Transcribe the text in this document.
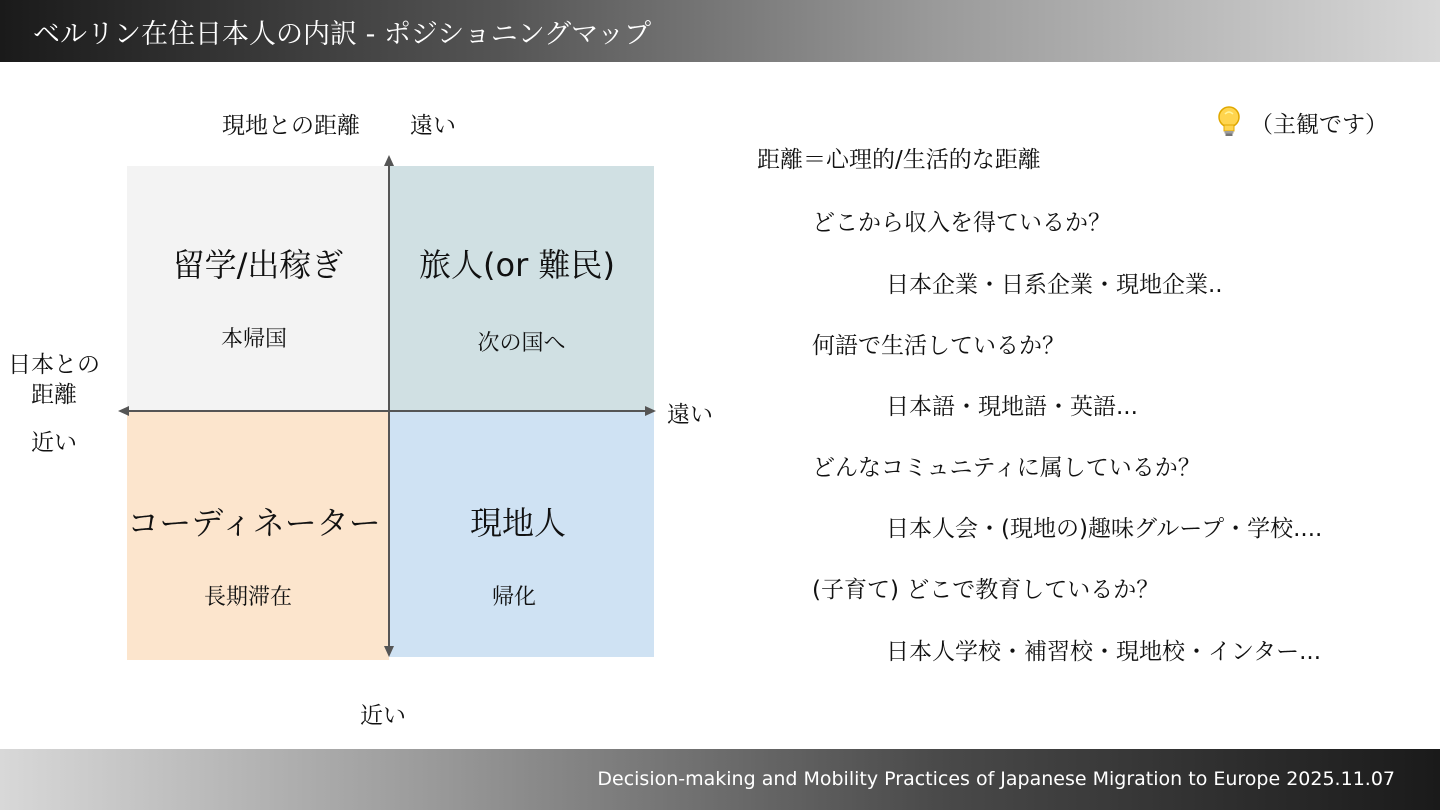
ベルリン在住日本人の内訳 - ポジショニングマップ
留学/出稼ぎ
本帰国
旅人(or 難民)
次の国へ
コーディネーター
長期滞在
現地人
帰化
現地との距離 遠い
近い
日本との
距離
近い
遠い
（主観です）
距離＝心理的/生活的な距離
どこから収入を得ているか？
日本企業・日系企業・現地企業..
何語で生活しているか？
日本語・現地語・英語...
どんなコミュニティに属しているか？
日本人会・(現地の)趣味グループ・学校....
(子育て) どこで教育しているか？
日本人学校・補習校・現地校・インター...
Decision-making and Mobility Practices of Japanese Migration to Europe 2025.11.07
